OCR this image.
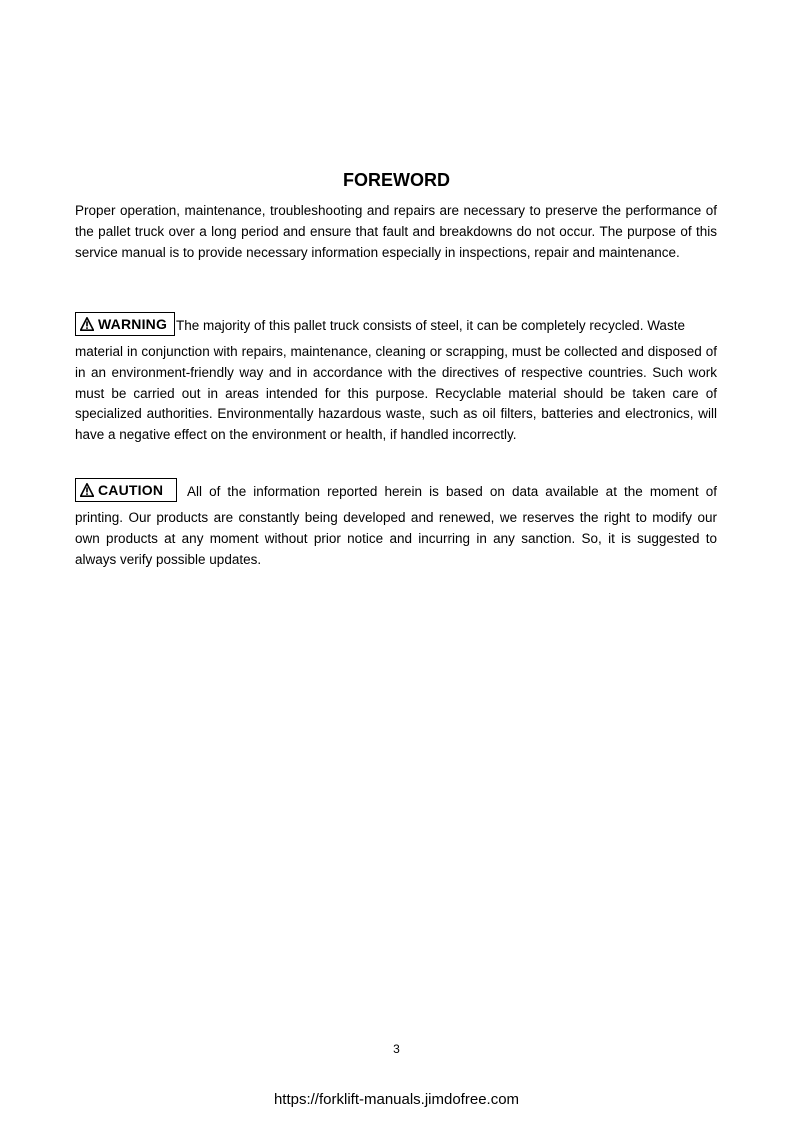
FOREWORD
Proper operation, maintenance, troubleshooting and repairs are necessary to preserve the performance of the pallet truck over a long period and ensure that fault and breakdowns do not occur. The purpose of this service manual is to provide necessary information especially in inspections, repair and maintenance.
WARNING The majority of this pallet truck consists of steel, it can be completely recycled. Waste
material in conjunction with repairs, maintenance, cleaning or scrapping, must be collected and disposed of in an environment-friendly way and in accordance with the directives of respective countries. Such work must be carried out in areas intended for this purpose. Recyclable material should be taken care of specialized authorities. Environmentally hazardous waste, such as oil filters, batteries and electronics, will have a negative effect on the environment or health, if handled incorrectly.
CAUTION All of the information reported herein is based on data available at the moment of
printing. Our products are constantly being developed and renewed, we reserves the right to modify our own products at any moment without prior notice and incurring in any sanction. So, it is suggested to always verify possible updates.
3
https://forklift-manuals.jimdofree.com
